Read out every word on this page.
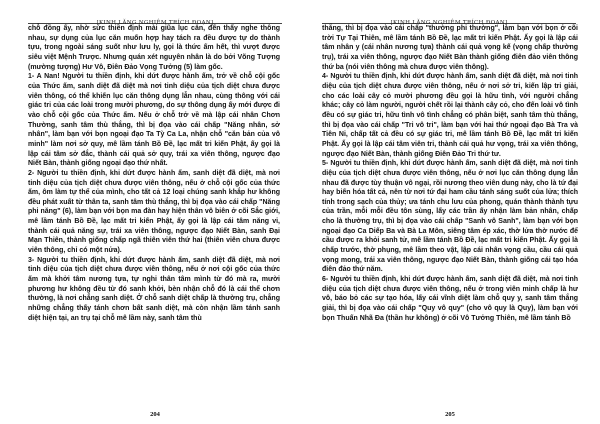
[KINH LĂNG NGHIÊM TRÍCH ĐOẠN]

chỗ đồng ấy, nhờ sức thiền định mài giũa lục căn, đến thấy nghe thông nhau, sự dụng của lục căn muốn hợp hay tách ra đều được tự do thành tựu, trong ngoài sáng suốt như lưu ly, gọi là thức ấm hết, thì vượt được siêu việt Mệnh Trược. Nhưng quán xét nguyên nhân là do bởi Võng Tượng (mường tượng) Hư Vô, Điên Đảo Vọng Tưởng (5) làm gốc.

1- A Nan! Người tu thiền định, khi dứt được hành ấm, trở về chỗ cội gốc của Thức ấm, sanh diệt đã diệt mà nơi tinh diệu của tịch diệt chưa được viên thông, có thể khiến lục căn thông dụng lẫn nhau, cùng thông với cái giác tri của các loài trong mười phương, do sự thông dụng ấy mới được đi vào chỗ cội gốc của Thức ấm. Nếu ở chỗ trở về mà lập cái nhân Chơn Thường, sanh tâm thù thắng, thì bị đọa vào cái chấp "Năng nhân, sở nhân", làm bạn với bọn ngoại đạo Ta Tỳ Ca La, nhận chỗ "căn bản của vô minh" làm nơi sở quy, mê lầm tánh Bồ Đề, lạc mất tri kiến Phật, ấy gọi là lập cái tâm sở đắc, thành cái quả sở quy, trái xa viên thông, ngược đạo Niết Bàn, thành giống ngoại đạo thứ nhất.

2- Người tu thiền định, khi dứt được hành ấm, sanh diệt đã diệt, mà nơi tinh diệu của tịch diệt chưa được viên thông, nếu ở chỗ cội gốc của thức ấm, ôm làm tự thể của mình, cho tất cả 12 loại chúng sanh khắp hư không đều phát xuất từ thân ta, sanh tâm thù thắng, thì bị đọa vào cái chấp "Năng phi năng" (6), làm bạn với bọn ma đàn hay hiện thân vô biên ở cõi Sắc giới, mê lầm tánh Bồ Đề, lạc mất tri kiến Phật, ấy gọi là lập cái tâm năng vi, thành cái quả năng sự, trái xa viên thông, ngược đạo Niết Bàn, sanh Đại Mạn Thiên, thành giống chấp ngã thiên viên thứ hai (thiên viên chưa được viên thông, chỉ có một nửa).

3- Người tu thiền định, khi dứt được hành ấm, sanh diệt đã diệt, mà nơi tinh diệu của tịch diệt chưa được viên thông, nếu ở nơi cội gốc của thức ấm mà khởi tâm nương tựa, tự nghi thân tâm mình từ đó mà ra, mười phương hư không đều từ đó sanh khởi, bèn nhận chỗ đó là cái thể chơn thường, là nơi chẳng sanh diệt. Ở chỗ sanh diệt chấp là thường trụ, chẳng những chẳng thấy tánh chơn bất sanh diệt, mà còn nhận lầm tánh sanh diệt hiện tại, an trụ tại chỗ mê lầm này, sanh tâm thù

204
[KINH LĂNG NGHIÊM TRÍCH ĐOẠN]

thắng, thì bị đọa vào cái chấp "thường phi thường", làm bạn với bọn ở cõi trời Tự Tại Thiên, mê lầm tánh Bồ Đề, lạc mất tri kiến Phật. Ấy gọi là lập cái tâm nhân y (cái nhân nương tựa) thành cái quả vọng kế (vọng chấp thường trụ), trái xa viên thông, ngược đạo Niết Bàn thành giống điên đảo viên thông thứ ba (nói viên thông mà chưa được viên thông).

4- Người tu thiền định, khi dứt được hành ấm, sanh diệt đã diệt, mà nơi tinh diệu của tịch diệt chưa được viên thông, nếu ở nơi sở tri, kiến lập tri giải, cho các loài cây cỏ mười phương đều gọi là hữu tình, với người chẳng khác; cây cỏ làm người, người chết rồi lại thành cây cỏ, cho đến loài vô tình đều có sự giác tri, hữu tình vô tình chẳng có phân biệt, sanh tâm thù thắng, thì bị đọa vào cái chấp "Tri vô tri", làm bạn với hai thứ ngoại đạo Bà Tra và Tiên Ni, chấp tất cả đều có sự giác tri, mê lầm tánh Bồ Đề, lạc mất tri kiến Phật. Ấy gọi là lập cái tâm viên tri, thành cái quả hư vọng, trái xa viên thông, ngược đạo Niết Bàn, thành giống Điên Đảo Tri thứ tư.

5- Người tu thiền định, khi dứt được hành ấm, sanh diệt đã diệt, mà nơi tinh diệu của tịch diệt chưa được viên thông, nếu ở nơi lục căn thông dụng lẫn nhau đã được tùy thuận vô ngại, rồi nương theo viên dung này, cho là tứ đại hay biến hóa tất cả, nên từ nơi tứ đại ham cầu tánh sáng suốt của lửa; thích tính trong sạch của thủy; ưa tánh chu lưu của phong, quán thành thành tựu của trần, mỗi mỗi đều tôn sùng, lấy các trần ấy nhận làm bản nhân, chấp cho là thường trụ, thì bị đọa vào cái chấp "Sanh vô Sanh", làm bạn với bọn ngoại đạo Ca Diếp Ba và Bà La Môn, siêng tâm ép xác, thờ lửa thờ nước để cầu được ra khỏi sanh tử, mê lầm tánh Bồ Đề, lạc mất tri kiến Phật. Ấy gọi là chấp trước, thờ phụng, mê lầm theo vật, lập cái nhân vọng cầu, cầu cái quả vọng mong, trái xa viên thông, ngược đạo Niết Bàn, thành giống cái tạo hóa điên đảo thứ năm.

6- Người tu thiền định, khi dứt được hành ấm, sanh diệt đã diệt, mà nơi tinh diệu của tịch diệt chưa được viên thông, nếu ở trong viên minh chấp là hư vô, báo bỏ các sự tạo hóa, lấy cái vĩnh diệt làm chỗ quy y, sanh tâm thắng giải, thì bị đọa vào cái chấp "Quy vô quy" (cho vô quy là Quy), làm bạn với bọn Thuấn Nhã Đa (thần hư không) ở cõi Vô Tưởng Thiên, mê lầm tánh Bồ

205
